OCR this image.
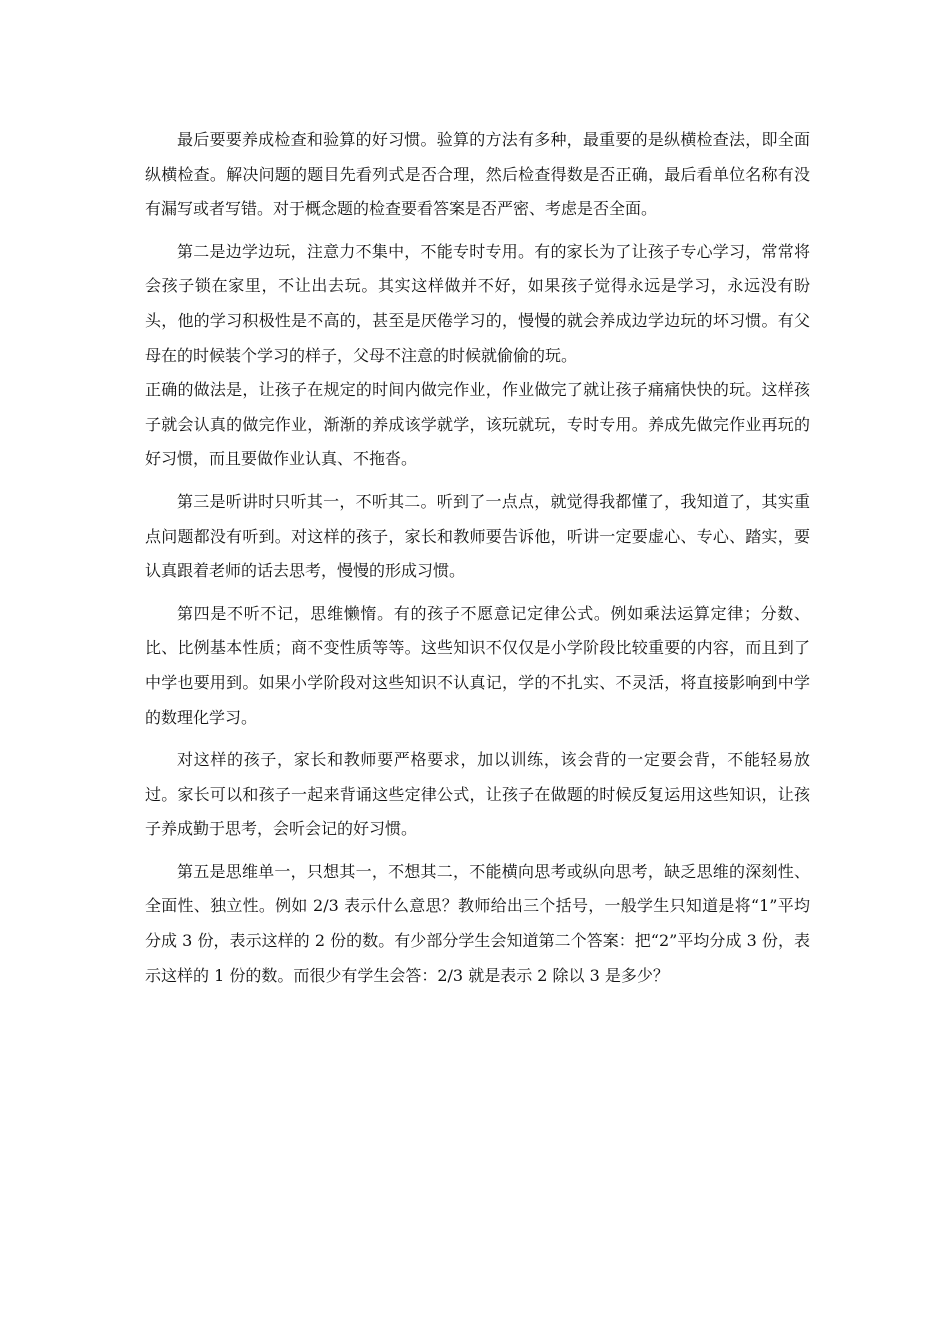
最后要要养成检查和验算的好习惯。验算的方法有多种，最重要的是纵横检查法，即全面纵横检查。解决问题的题目先看列式是否合理，然后检查得数是否正确，最后看单位名称有没有漏写或者写错。对于概念题的检查要看答案是否严密、考虑是否全面。

第二是边学边玩，注意力不集中，不能专时专用。有的家长为了让孩子专心学习，常常将会孩子锁在家里，不让出去玩。其实这样做并不好，如果孩子觉得永远是学习，永远没有盼头，他的学习积极性是不高的，甚至是厌倦学习的，慢慢的就会养成边学边玩的坏习惯。有父母在的时候装个学习的样子，父母不注意的时候就偷偷的玩。

正确的做法是，让孩子在规定的时间内做完作业，作业做完了就让孩子痛痛快快的玩。这样孩子就会认真的做完作业，渐渐的养成该学就学，该玩就玩，专时专用。养成先做完作业再玩的好习惯，而且要做作业认真、不拖沓。

第三是听讲时只听其一，不听其二。听到了一点点，就觉得我都懂了，我知道了，其实重点问题都没有听到。对这样的孩子，家长和教师要告诉他，听讲一定要虚心、专心、踏实，要认真跟着老师的话去思考，慢慢的形成习惯。

第四是不听不记，思维懒惰。有的孩子不愿意记定律公式。例如乘法运算定律；分数、比、比例基本性质；商不变性质等等。这些知识不仅仅是小学阶段比较重要的内容，而且到了中学也要用到。如果小学阶段对这些知识不认真记，学的不扎实、不灵活，将直接影响到中学的数理化学习。

对这样的孩子，家长和教师要严格要求，加以训练，该会背的一定要会背，不能轻易放过。家长可以和孩子一起来背诵这些定律公式，让孩子在做题的时候反复运用这些知识，让孩子养成勤于思考，会听会记的好习惯。

第五是思维单一，只想其一，不想其二，不能横向思考或纵向思考，缺乏思维的深刻性、全面性、独立性。例如 2/3 表示什么意思？教师给出三个括号，一般学生只知道是将“1”平均分成 3 份，表示这样的 2 份的数。有少部分学生会知道第二个答案：把“2”平均分成 3 份，表示这样的 1 份的数。而很少有学生会答：2/3 就是表示 2 除以 3 是多少？
